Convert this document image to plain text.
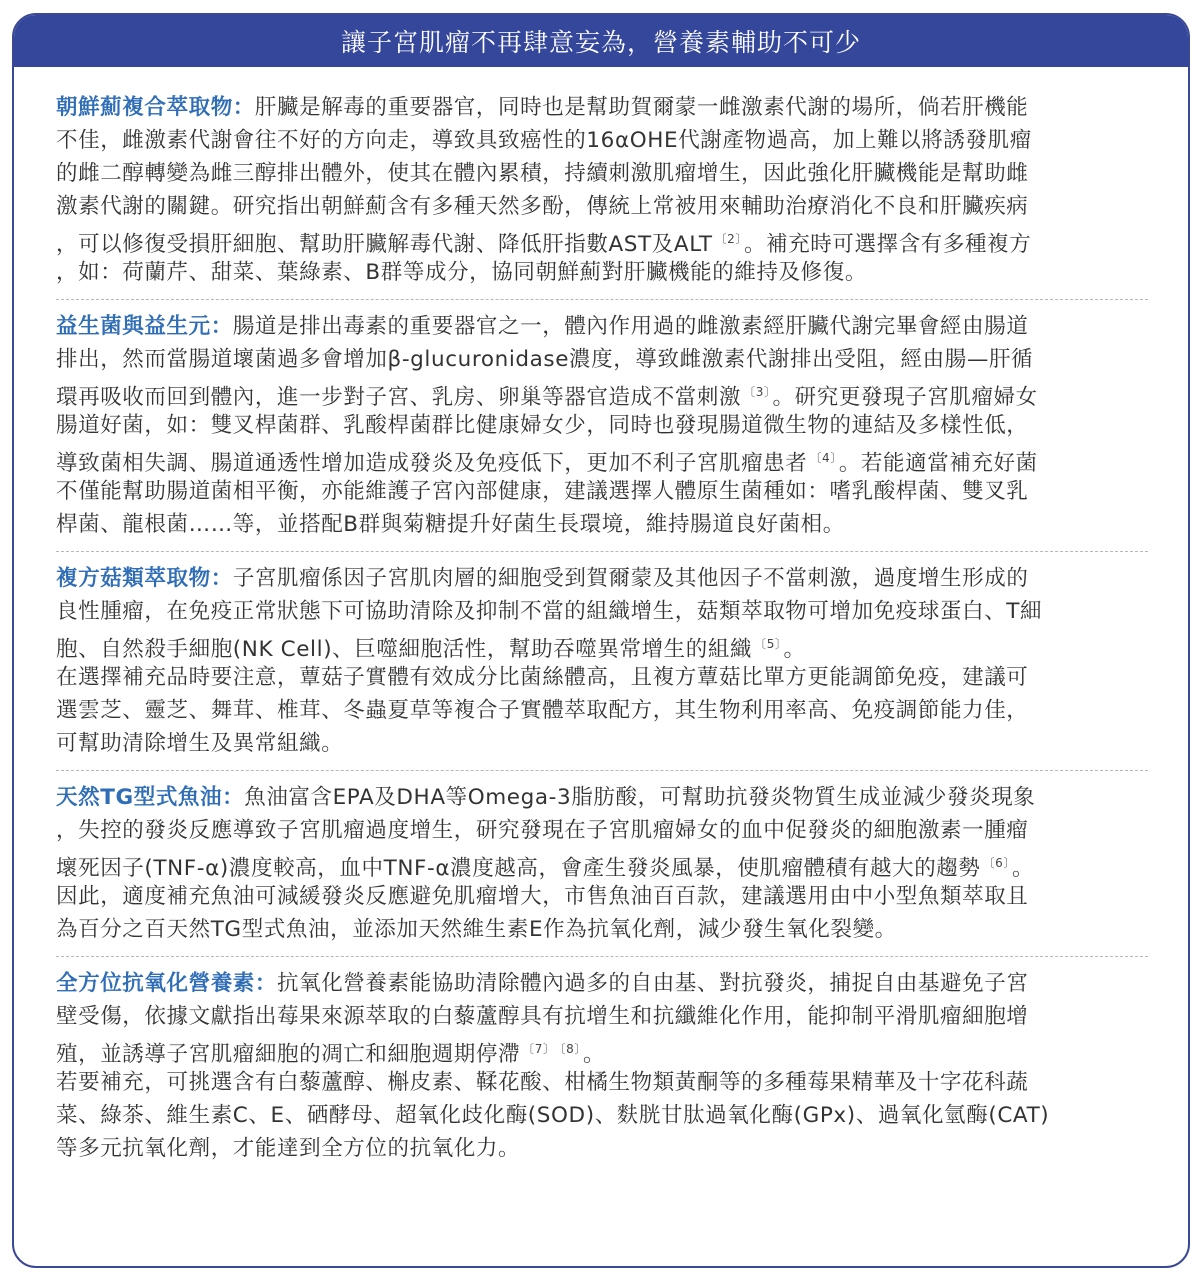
讓子宮肌瘤不再肆意妄為，營養素輔助不可少
朝鮮薊複合萃取物：肝臟是解毒的重要器官，同時也是幫助賀爾蒙一雌激素代謝的場所，倘若肝機能
不佳，雌激素代謝會往不好的方向走，導致具致癌性的16αOHE代謝產物過高，加上難以將誘發肌瘤
的雌二醇轉變為雌三醇排出體外，使其在體內累積，持續刺激肌瘤增生，因此強化肝臟機能是幫助雌
激素代謝的關鍵。研究指出朝鮮薊含有多種天然多酚，傳統上常被用來輔助治療消化不良和肝臟疾病
，可以修復受損肝細胞、幫助肝臟解毒代謝、降低肝指數AST及ALT $^{〔2〕}$。補充時可選擇含有多種複方
，如：荷蘭芹、甜菜、葉綠素、B群等成分，協同朝鮮薊對肝臟機能的維持及修復。
益生菌與益生元：腸道是排出毒素的重要器官之一，體內作用過的雌激素經肝臟代謝完畢會經由腸道
排出，然而當腸道壞菌過多會增加β-glucuronidase濃度，導致雌激素代謝排出受阻，經由腸—肝循
環再吸收而回到體內，進一步對子宮、乳房、卵巢等器官造成不當刺激 $^{〔3〕}$。研究更發現子宮肌瘤婦女
腸道好菌，如：雙叉桿菌群、乳酸桿菌群比健康婦女少，同時也發現腸道微生物的連結及多樣性低，
導致菌相失調、腸道通透性增加造成發炎及免疫低下，更加不利子宮肌瘤患者 $^{〔4〕}$。若能適當補充好菌
不僅能幫助腸道菌相平衡，亦能維護子宮內部健康，建議選擇人體原生菌種如：嗜乳酸桿菌、雙叉乳
桿菌、龍根菌……等，並搭配B群與菊糖提升好菌生長環境，維持腸道良好菌相。
複方菇類萃取物：子宮肌瘤係因子宮肌肉層的細胞受到賀爾蒙及其他因子不當刺激，過度增生形成的
良性腫瘤，在免疫正常狀態下可協助清除及抑制不當的組織增生，菇類萃取物可增加免疫球蛋白、T細
胞、自然殺手細胞(NK Cell)、巨噬細胞活性，幫助吞噬異常增生的組織 $^{〔5〕}$。
在選擇補充品時要注意，蕈菇子實體有效成分比菌絲體高，且複方蕈菇比單方更能調節免疫，建議可
選雲芝、靈芝、舞茸、椎茸、冬蟲夏草等複合子實體萃取配方，其生物利用率高、免疫調節能力佳，
可幫助清除增生及異常組織。
天然TG型式魚油：魚油富含EPA及DHA等Omega-3脂肪酸，可幫助抗發炎物質生成並減少發炎現象
，失控的發炎反應導致子宮肌瘤過度增生，研究發現在子宮肌瘤婦女的血中促發炎的細胞激素一腫瘤
壞死因子(TNF-α)濃度較高，血中TNF-α濃度越高，會產生發炎風暴，使肌瘤體積有越大的趨勢 $^{〔6〕}$。
因此，適度補充魚油可減緩發炎反應避免肌瘤增大，市售魚油百百款，建議選用由中小型魚類萃取且
為百分之百天然TG型式魚油，並添加天然維生素E作為抗氧化劑，減少發生氧化裂變。
全方位抗氧化營養素：抗氧化營養素能協助清除體內過多的自由基、對抗發炎，捕捉自由基避免子宮
壁受傷，依據文獻指出莓果來源萃取的白藜蘆醇具有抗增生和抗纖維化作用，能抑制平滑肌瘤細胞增
殖，並誘導子宮肌瘤細胞的凋亡和細胞週期停滯 $^{〔7〕}$ $^{〔8〕}$。
若要補充，可挑選含有白藜蘆醇、槲皮素、鞣花酸、柑橘生物類黃酮等的多種莓果精華及十字花科蔬
菜、綠茶、維生素C、E、硒酵母、超氧化歧化酶(SOD)、麩胱甘肽過氧化酶(GPx)、過氧化氫酶(CAT)
等多元抗氧化劑，才能達到全方位的抗氧化力。
